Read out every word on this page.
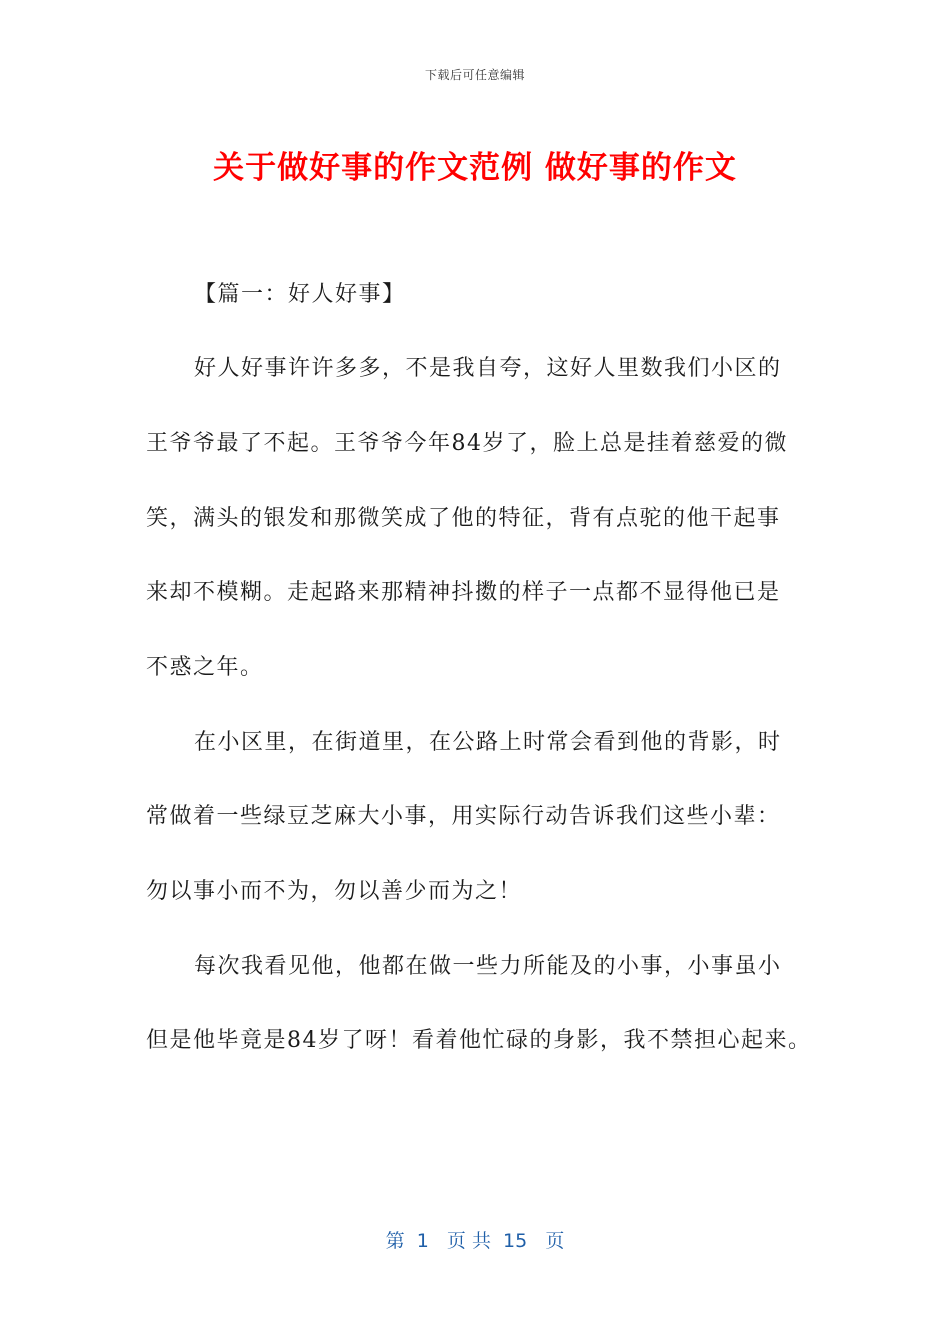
下载后可任意编辑
关于做好事的作文范例 做好事的作文
【篇一：好人好事】
好人好事许许多多，不是我自夸，这好人里数我们小区的
王爷爷最了不起。王爷爷今年84岁了，脸上总是挂着慈爱的微
笑，满头的银发和那微笑成了他的特征，背有点驼的他干起事
来却不模糊。走起路来那精神抖擞的样子一点都不显得他已是
不惑之年。
在小区里，在街道里，在公路上时常会看到他的背影，时
常做着一些绿豆芝麻大小事，用实际行动告诉我们这些小辈：
勿以事小而不为，勿以善少而为之！
每次我看见他，他都在做一些力所能及的小事，小事虽小
但是他毕竟是84岁了呀！看着他忙碌的身影，我不禁担心起来。
第  1   页 共  15   页
